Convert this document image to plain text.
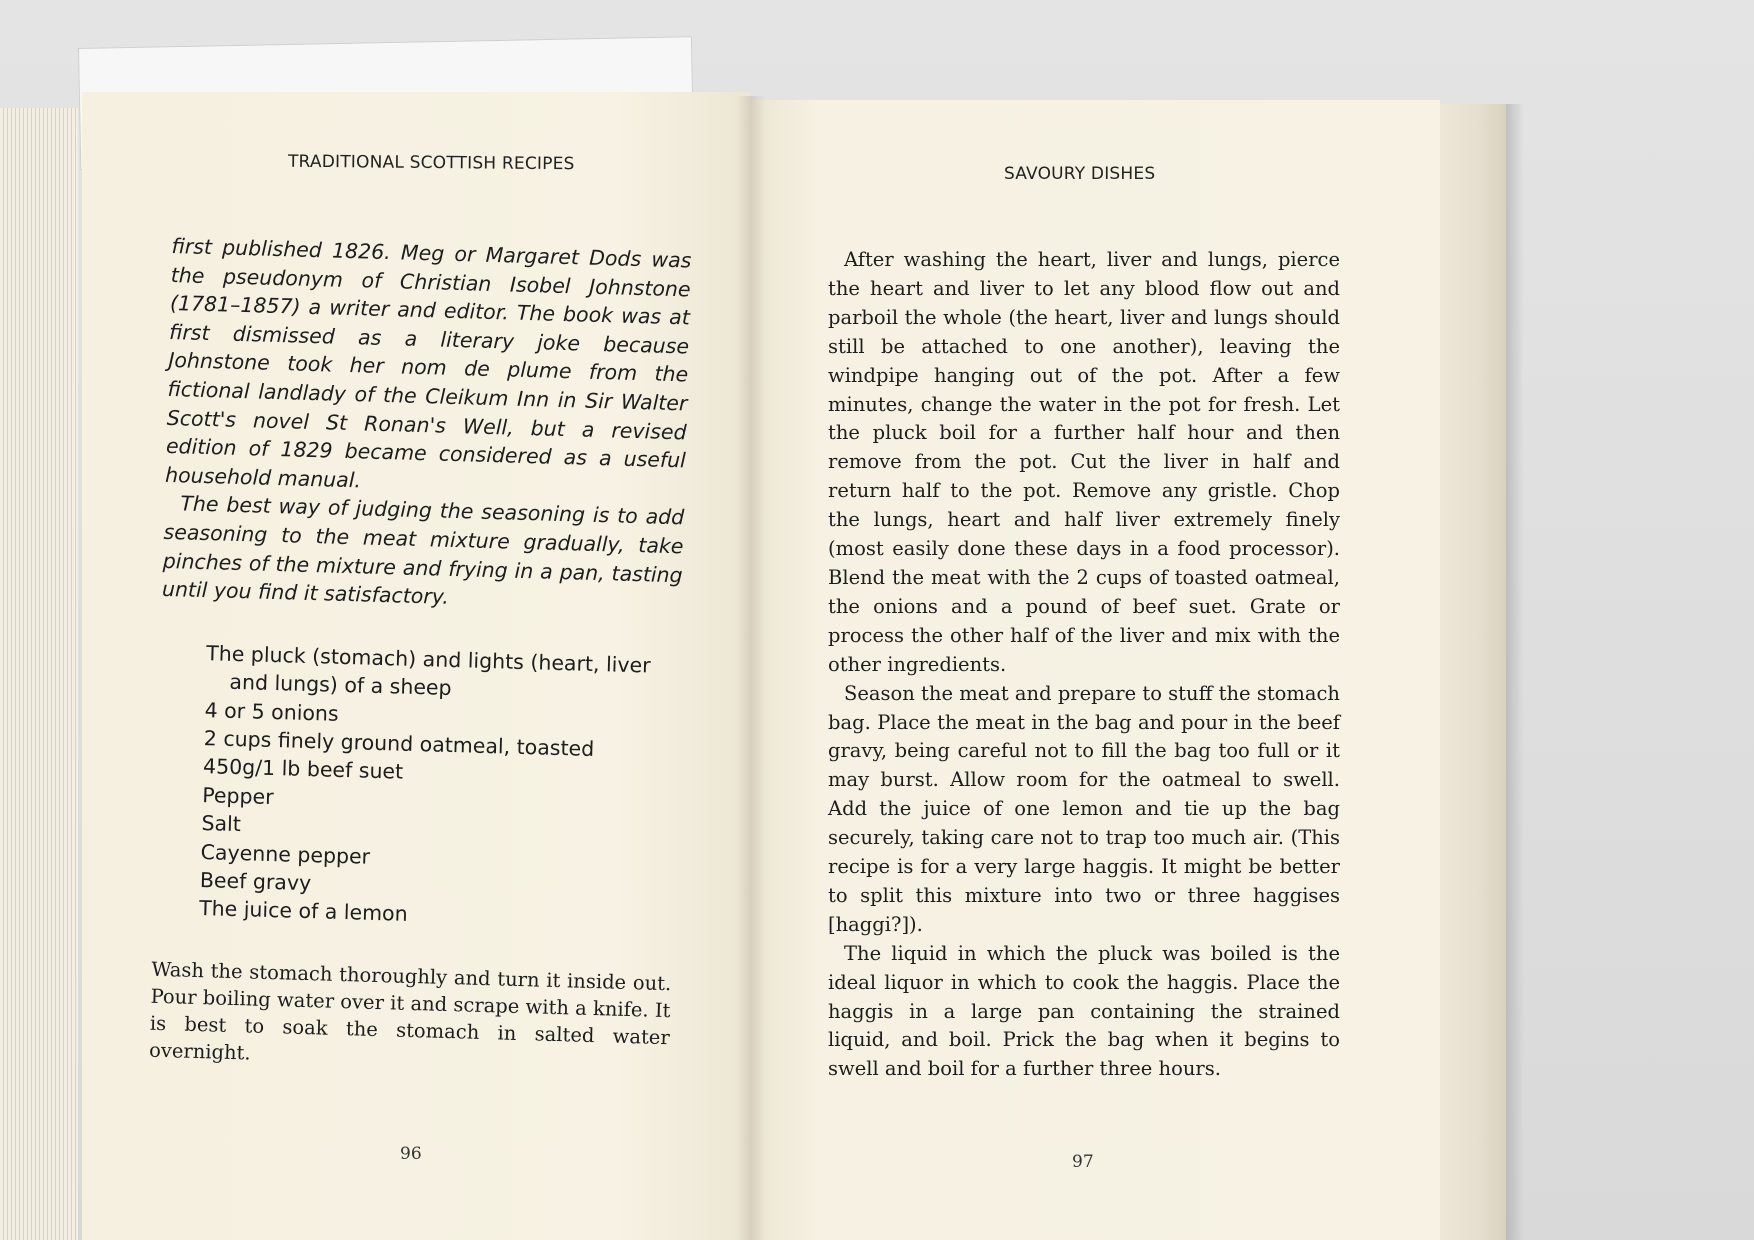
TRADITIONAL SCOTTISH RECIPES

first published 1826. Meg or Margaret Dods was the pseudonym of Christian Isobel Johnstone (1781–1857) a writer and editor. The book was at first dismissed as a literary joke because Johnstone took her nom de plume from the fictional landlady of the Cleikum Inn in Sir Walter Scott's novel St Ronan's Well, but a revised edition of 1829 became considered as a useful household manual.

The best way of judging the seasoning is to add seasoning to the meat mixture gradually, take pinches of the mixture and frying in a pan, tasting until you find it satisfactory.

The pluck (stomach) and lights (heart, liver and lungs) of a sheep
4 or 5 onions
2 cups finely ground oatmeal, toasted
450g/1 lb beef suet
Pepper
Salt
Cayenne pepper
Beef gravy
The juice of a lemon

Wash the stomach thoroughly and turn it inside out. Pour boiling water over it and scrape with a knife. It is best to soak the stomach in salted water overnight.

96
SAVOURY DISHES

After washing the heart, liver and lungs, pierce the heart and liver to let any blood flow out and parboil the whole (the heart, liver and lungs should still be attached to one another), leaving the windpipe hanging out of the pot. After a few minutes, change the water in the pot for fresh. Let the pluck boil for a further half hour and then remove from the pot. Cut the liver in half and return half to the pot. Remove any gristle. Chop the lungs, heart and half liver extremely finely (most easily done these days in a food processor). Blend the meat with the 2 cups of toasted oatmeal, the onions and a pound of beef suet. Grate or process the other half of the liver and mix with the other ingredients.

Season the meat and prepare to stuff the stomach bag. Place the meat in the bag and pour in the beef gravy, being careful not to fill the bag too full or it may burst. Allow room for the oatmeal to swell. Add the juice of one lemon and tie up the bag securely, taking care not to trap too much air. (This recipe is for a very large haggis. It might be better to split this mixture into two or three haggises [haggi?]).

The liquid in which the pluck was boiled is the ideal liquor in which to cook the haggis. Place the haggis in a large pan containing the strained liquid, and boil. Prick the bag when it begins to swell and boil for a further three hours.

97
